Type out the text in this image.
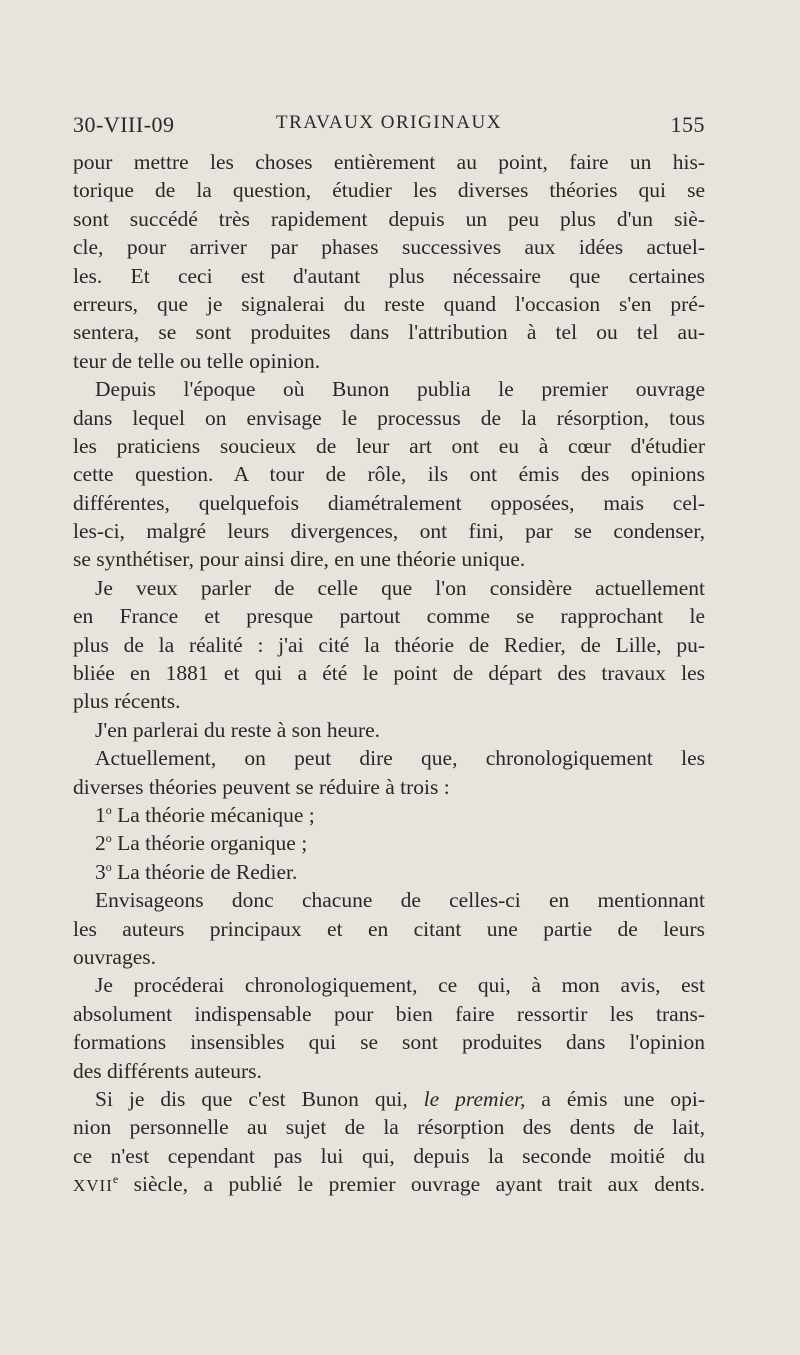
30-VIII-09	TRAVAUX ORIGINAUX	155
pour mettre les choses entièrement au point, faire un his-
torique de la question, étudier les diverses théories qui se
sont succédé très rapidement depuis un peu plus d'un siè-
cle, pour arriver par phases successives aux idées actuel-
les. Et ceci est d'autant plus nécessaire que certaines
erreurs, que je signalerai du reste quand l'occasion s'en pré-
sentera, se sont produites dans l'attribution à tel ou tel au-
teur de telle ou telle opinion.
Depuis l'époque où Bunon publia le premier ouvrage
dans lequel on envisage le processus de la résorption, tous
les praticiens soucieux de leur art ont eu à cœur d'étudier
cette question. A tour de rôle, ils ont émis des opinions
différentes, quelquefois diamétralement opposées, mais cel-
les-ci, malgré leurs divergences, ont fini, par se condenser,
se synthétiser, pour ainsi dire, en une théorie unique.
Je veux parler de celle que l'on considère actuellement
en France et presque partout comme se rapprochant le
plus de la réalité : j'ai cité la théorie de Redier, de Lille, pu-
bliée en 1881 et qui a été le point de départ des travaux les
plus récents.
J'en parlerai du reste à son heure.
Actuellement, on peut dire que, chronologiquement les
diverses théories peuvent se réduire à trois :
1$^o$ La théorie mécanique ;
2$^o$ La théorie organique ;
3$^o$ La théorie de Redier.
Envisageons donc chacune de celles-ci en mentionnant
les auteurs principaux et en citant une partie de leurs
ouvrages.
Je procéderai chronologiquement, ce qui, à mon avis, est
absolument indispensable pour bien faire ressortir les trans-
formations insensibles qui se sont produites dans l'opinion
des différents auteurs.
Si je dis que c'est Bunon qui, le premier, a émis une opi-
nion personnelle au sujet de la résorption des dents de lait,
ce n'est cependant pas lui qui, depuis la seconde moitié du
XVIIe siècle, a publié le premier ouvrage ayant trait aux dents.
